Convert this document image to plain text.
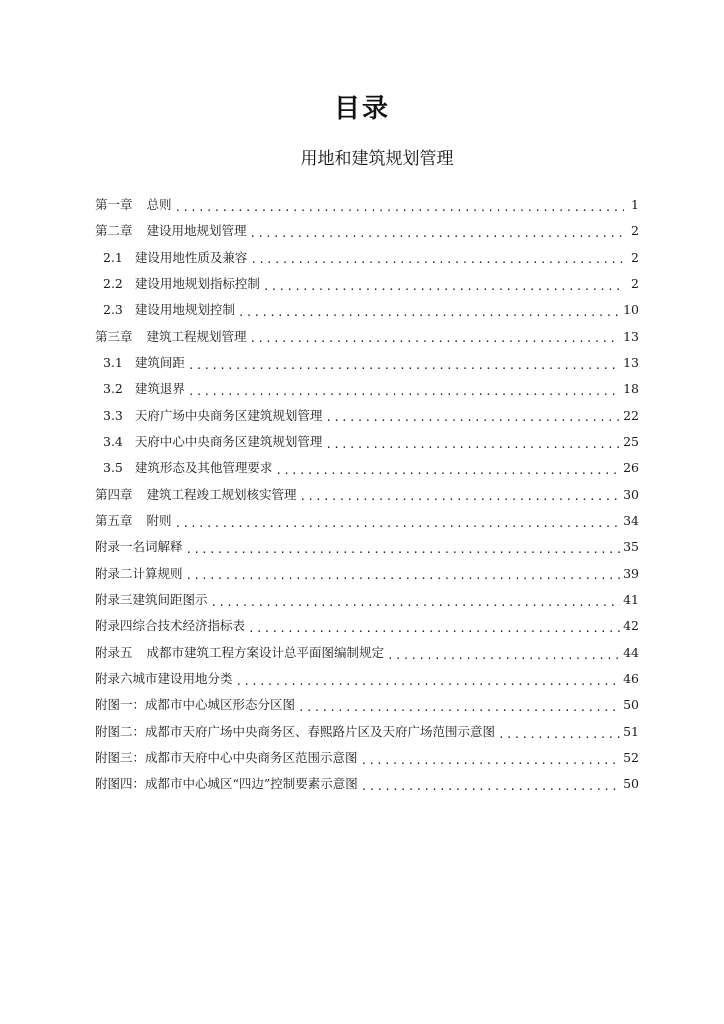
目录
用地和建筑规划管理
第一章 总则 .....	1
第二章 建设用地规划管理 .....	2
2.1 建设用地性质及兼容 .....	2
2.2 建设用地规划指标控制 .....	2
2.3 建设用地规划控制 .....	10
第三章 建筑工程规划管理 .....	13
3.1 建筑间距 .....	13
3.2 建筑退界 .....	18
3.3 天府广场中央商务区建筑规划管理 .....	22
3.4 天府中心中央商务区建筑规划管理 .....	25
3.5 建筑形态及其他管理要求 .....	26
第四章 建筑工程竣工规划核实管理 .....	30
第五章 附则 .....	34
附录一名词解释 .....	35
附录二计算规则 .....	39
附录三建筑间距图示 .....	41
附录四综合技术经济指标表 .....	42
附录五 成都市建筑工程方案设计总平面图编制规定 .....	44
附录六城市建设用地分类 .....	46
附图一：成都市中心城区形态分区图 .....	50
附图二：成都市天府广场中央商务区、春熙路片区及天府广场范围示意图 .....	51
附图三：成都市天府中心中央商务区范围示意图 .....	52
附图四：成都市中心城区“四边”控制要素示意图 .....	50
